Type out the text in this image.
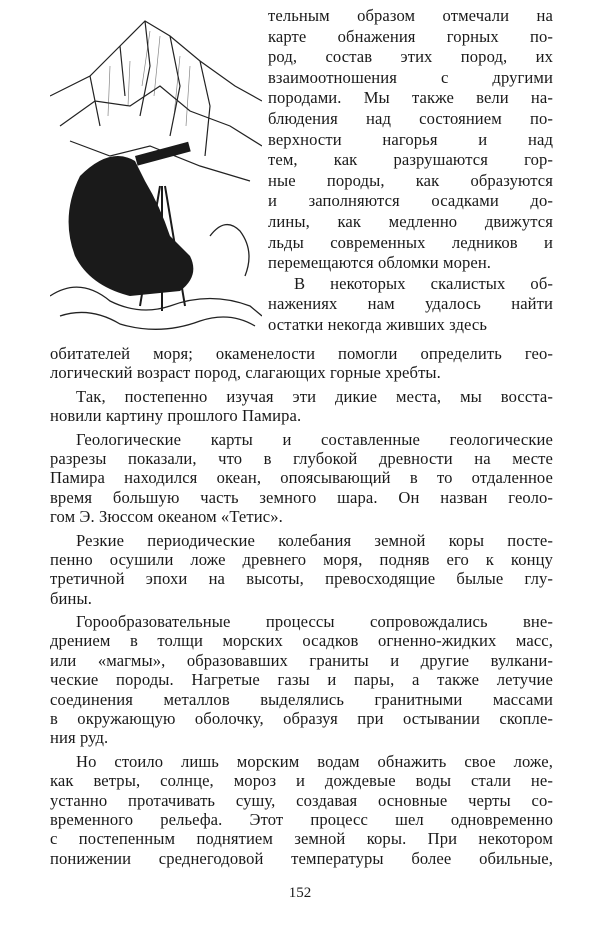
тельным образом отмечали на
карте обнажения горных по-
род, состав этих пород, их
взаимоотношения с другими
породами. Мы также вели на-
блюдения над состоянием по-
верхности нагорья и над
тем, как разрушаются гор-
ные породы, как образуются
и заполняются осадками до-
лины, как медленно движутся
льды современных ледников и
перемещаются обломки морен.
В некоторых скалистых об-
нажениях нам удалось найти
остатки некогда живших здесь
обитателей моря; окаменелости помогли определить гео-
логический возраст пород, слагающих горные хребты.
Так, постепенно изучая эти дикие места, мы восста-
новили картину прошлого Памира.
Геологические карты и составленные геологические
разрезы показали, что в глубокой древности на месте
Памира находился океан, опоясывающий в то отдаленное
время большую часть земного шара. Он назван геоло-
гом Э. Зюссом океаном «Тетис».
Резкие периодические колебания земной коры посте-
пенно осушили ложе древнего моря, подняв его к концу
третичной эпохи на высоты, превосходящие былые глу-
бины.
Горообразовательные процессы сопровождались вне-
дрением в толщи морских осадков огненно-жидких масс,
или «магмы», образовавших граниты и другие вулкани-
ческие породы. Нагретые газы и пары, а также летучие
соединения металлов выделялись гранитными массами
в окружающую оболочку, образуя при остывании скопле-
ния руд.
Но стоило лишь морским водам обнажить свое ложе,
как ветры, солнце, мороз и дождевые воды стали не-
устанно протачивать сушу, создавая основные черты со-
временного рельефа. Этот процесс шел одновременно
с постепенным поднятием земной коры. При некотором
понижении среднегодовой температуры более обильные,
152
